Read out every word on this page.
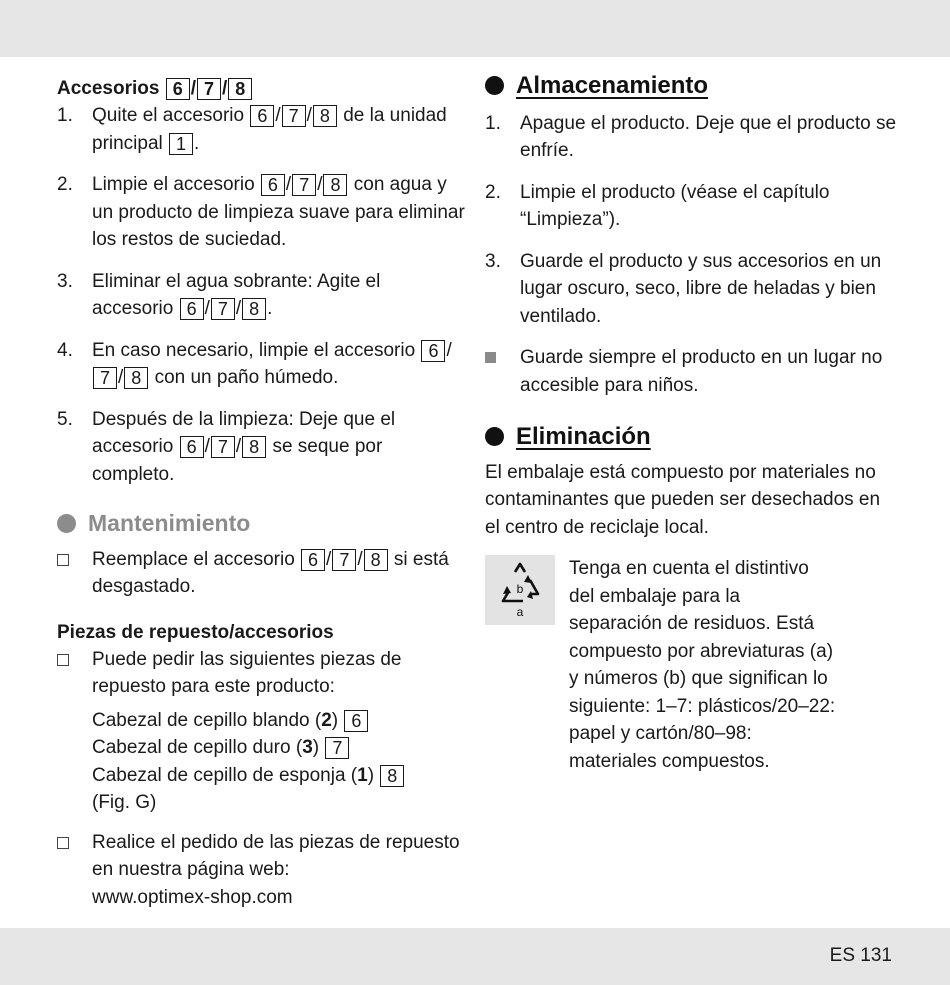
Accesorios 6 / 7 / 8

1.	Quite el accesorio 6 / 7 / 8 de la unidad principal 1 .
2.	Limpie el accesorio 6 / 7 / 8 con agua y un producto de limpieza suave para eliminar los restos de suciedad.
3.	Eliminar el agua sobrante: Agite el accesorio 6 / 7 / 8 .
4.	En caso necesario, limpie el accesorio 6 / 7 / 8 con un paño húmedo.
5.	Después de la limpieza: Deje que el accesorio 6 / 7 / 8 se seque por completo.
Mantenimiento
Reemplace el accesorio 6 / 7 / 8 si está desgastado.

Piezas de repuesto/accesorios

Puede pedir las siguientes piezas de repuesto para este producto:
Cabezal de cepillo blando (2) 6
Cabezal de cepillo duro (3) 7
Cabezal de cepillo de esponja (1) 8
(Fig. G)
Realice el pedido de las piezas de repuesto en nuestra página web:
www.optimex-shop.com
Almacenamiento
1.	Apague el producto. Deje que el producto se enfríe.
2.	Limpie el producto (véase el capítulo “Limpieza”).
3.	Guarde el producto y sus accesorios en un lugar oscuro, seco, libre de heladas y bien ventilado.
Guarde siempre el producto en un lugar no accesible para niños.
Eliminación

El embalaje está compuesto por materiales no contaminantes que pueden ser desechados en el centro de reciclaje local.

b
a
Tenga en cuenta el distintivo del embalaje para la separación de residuos. Está compuesto por abreviaturas (a) y números (b) que significan lo siguiente: 1–7: plásticos/20–22: papel y cartón/80–98: materiales compuestos.
ES 131
